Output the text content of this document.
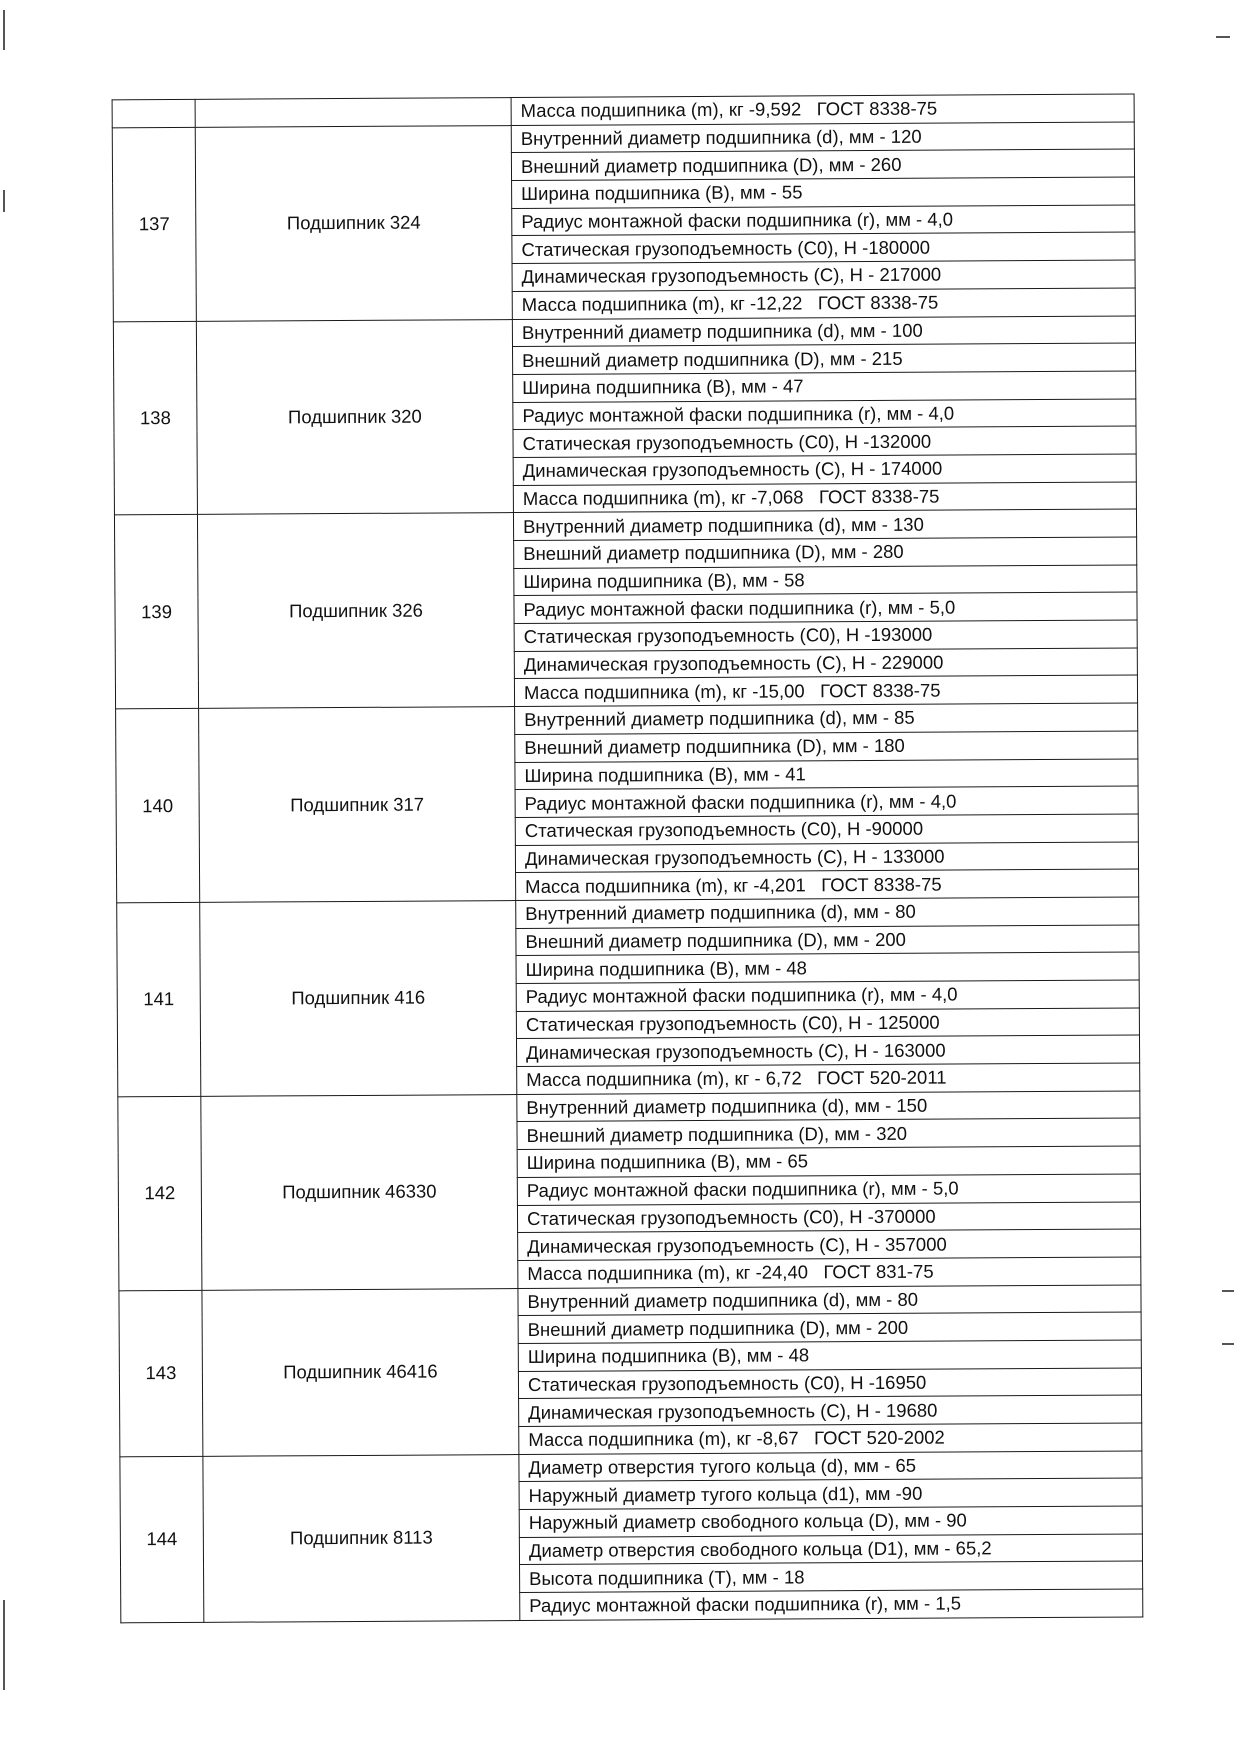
		Масса подшипника (m), кг -9,592   ГОСТ 8338-75
137	Подшипник 324	Внутренний диаметр подшипника (d), мм - 120
		Внешний диаметр подшипника (D), мм - 260
		Ширина подшипника (B), мм - 55
		Радиус монтажной фаски подшипника (r), мм - 4,0
		Статическая грузоподъемность (C0), Н -180000
		Динамическая грузоподъемность (C), Н - 217000
		Масса подшипника (m), кг -12,22   ГОСТ 8338-75
138	Подшипник 320	Внутренний диаметр подшипника (d), мм - 100
		Внешний диаметр подшипника (D), мм - 215
		Ширина подшипника (B), мм - 47
		Радиус монтажной фаски подшипника (r), мм - 4,0
		Статическая грузоподъемность (C0), Н -132000
		Динамическая грузоподъемность (C), Н - 174000
		Масса подшипника (m), кг -7,068   ГОСТ 8338-75
139	Подшипник 326	Внутренний диаметр подшипника (d), мм - 130
		Внешний диаметр подшипника (D), мм - 280
		Ширина подшипника (B), мм - 58
		Радиус монтажной фаски подшипника (r), мм - 5,0
		Статическая грузоподъемность (C0), Н -193000
		Динамическая грузоподъемность (C), Н - 229000
		Масса подшипника (m), кг -15,00   ГОСТ 8338-75
140	Подшипник 317	Внутренний диаметр подшипника (d), мм - 85
		Внешний диаметр подшипника (D), мм - 180
		Ширина подшипника (B), мм - 41
		Радиус монтажной фаски подшипника (r), мм - 4,0
		Статическая грузоподъемность (C0), Н -90000
		Динамическая грузоподъемность (C), Н - 133000
		Масса подшипника (m), кг -4,201   ГОСТ 8338-75
141	Подшипник 416	Внутренний диаметр подшипника (d), мм - 80
		Внешний диаметр подшипника (D), мм - 200
		Ширина подшипника (B), мм - 48
		Радиус монтажной фаски подшипника (r), мм - 4,0
		Статическая грузоподъемность (C0), Н - 125000
		Динамическая грузоподъемность (C), Н - 163000
		Масса подшипника (m), кг - 6,72   ГОСТ 520-2011
142	Подшипник 46330	Внутренний диаметр подшипника (d), мм - 150
		Внешний диаметр подшипника (D), мм - 320
		Ширина подшипника (B), мм - 65
		Радиус монтажной фаски подшипника (r), мм - 5,0
		Статическая грузоподъемность (C0), Н -370000
		Динамическая грузоподъемность (C), Н - 357000
		Масса подшипника (m), кг -24,40   ГОСТ 831-75
143	Подшипник 46416	Внутренний диаметр подшипника (d), мм - 80
		Внешний диаметр подшипника (D), мм - 200
		Ширина подшипника (B), мм - 48
		Статическая грузоподъемность (C0), Н -16950
		Динамическая грузоподъемность (C), Н - 19680
		Масса подшипника (m), кг -8,67   ГОСТ 520-2002
144	Подшипник 8113	Диаметр отверстия тугого кольца (d), мм - 65
		Наружный диаметр тугого кольца (d1), мм -90
		Наружный диаметр свободного кольца (D), мм - 90
		Диаметр отверстия свободного кольца (D1), мм - 65,2
		Высота подшипника (T), мм - 18
		Радиус монтажной фаски подшипника (r), мм - 1,5
